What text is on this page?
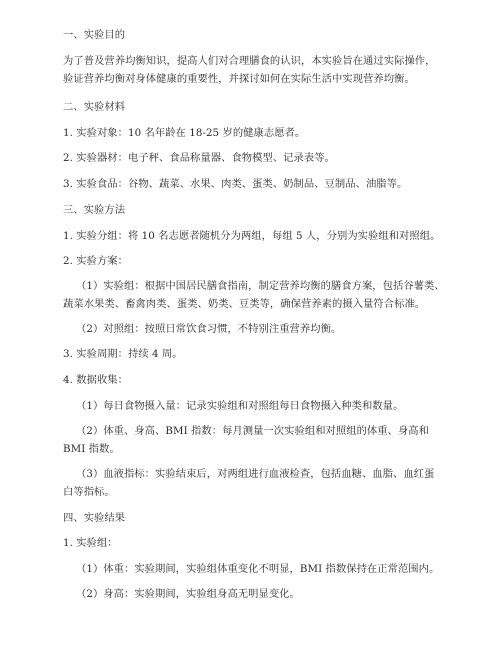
一、实验目的
为了普及营养均衡知识，提高人们对合理膳食的认识，本实验旨在通过实际操作，
验证营养均衡对身体健康的重要性，并探讨如何在实际生活中实现营养均衡。
二、实验材料
1. 实验对象：10 名年龄在 18-25 岁的健康志愿者。
2. 实验器材：电子秤、食品称量器、食物模型、记录表等。
3. 实验食品：谷物、蔬菜、水果、肉类、蛋类、奶制品、豆制品、油脂等。
三、实验方法
1. 实验分组：将 10 名志愿者随机分为两组，每组 5 人，分别为实验组和对照组。
2. 实验方案：
（1）实验组：根据中国居民膳食指南，制定营养均衡的膳食方案，包括谷薯类、
蔬菜水果类、畜禽肉类、蛋类、奶类、豆类等，确保营养素的摄入量符合标准。
（2）对照组：按照日常饮食习惯，不特别注重营养均衡。
3. 实验周期：持续 4 周。
4. 数据收集：
（1）每日食物摄入量：记录实验组和对照组每日食物摄入种类和数量。
（2）体重、身高、BMI 指数：每月测量一次实验组和对照组的体重、身高和
BMI 指数。
（3）血液指标：实验结束后，对两组进行血液检查，包括血糖、血脂、血红蛋
白等指标。
四、实验结果
1. 实验组：
（1）体重：实验期间，实验组体重变化不明显，BMI 指数保持在正常范围内。
（2）身高：实验期间，实验组身高无明显变化。
